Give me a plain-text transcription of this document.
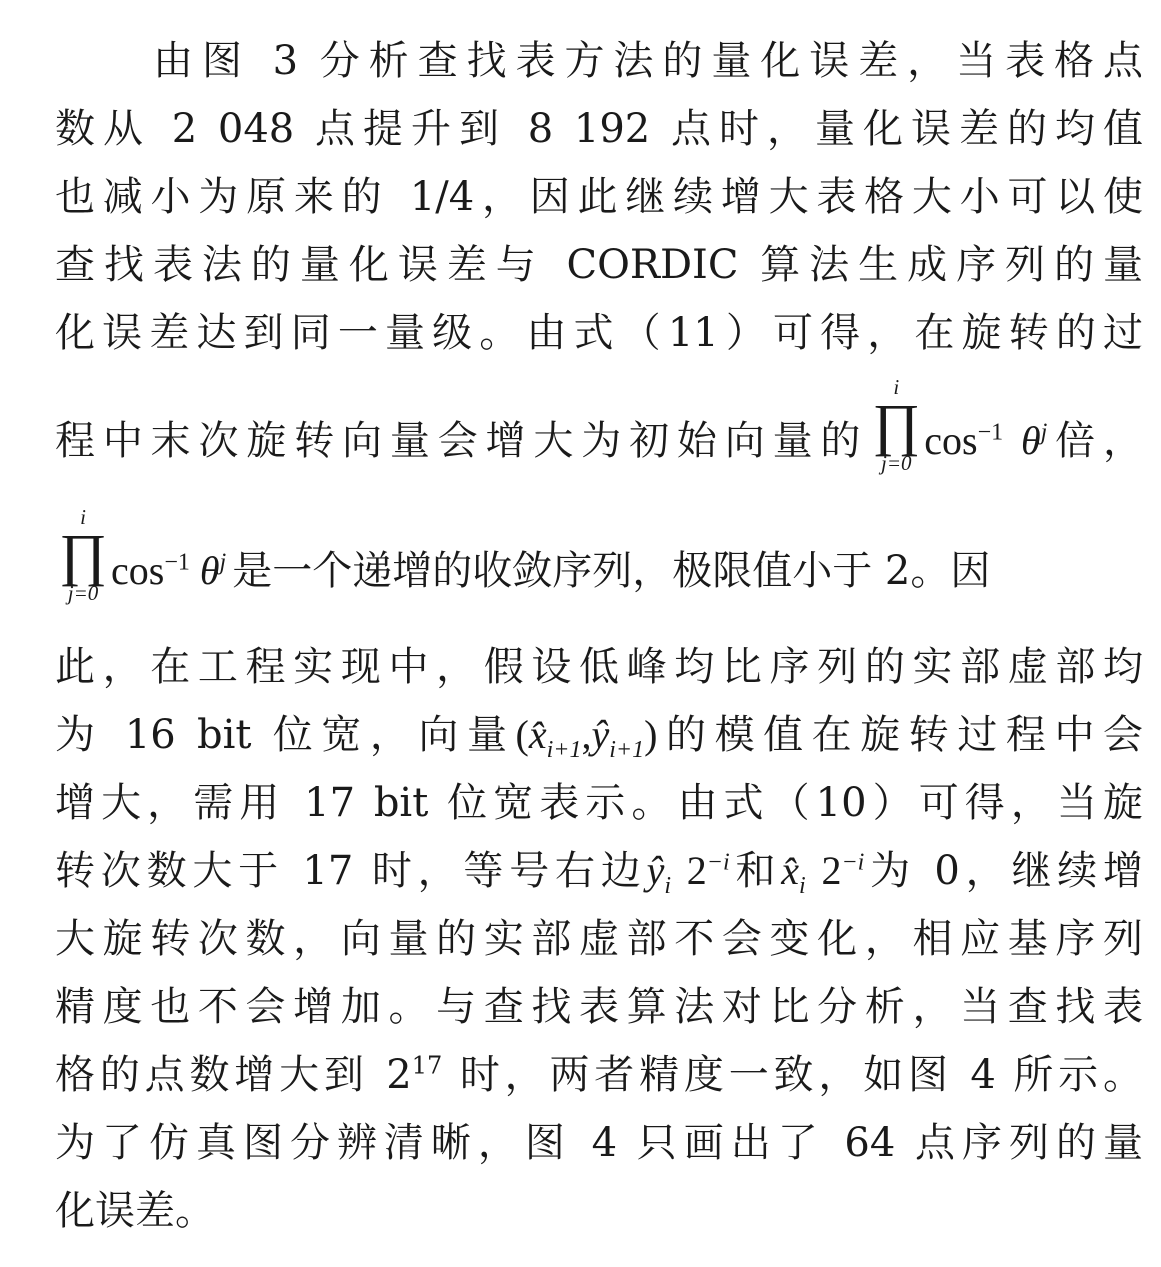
由图 3 分析查找表方法的量化误差，当表格点
数从 2 048 点提升到 8 192 点时，量化误差的均值
也减小为原来的 1/4，因此继续增大表格大小可以使
查找表法的量化误差与 CORDIC 算法生成序列的量
化误差达到同一量级。由式（11）可得，在旋转的过
程中末次旋转向量会增大为初始向量的
i
∏
j=0 $\cos^{-1} \theta^j$倍，
i
∏
j=0 $\cos^{-1} \theta^j$ 是一个递增的收敛序列，极限值小于 2。因
此，在工程实现中，假设低峰均比序列的实部虚部均
为 16 bit 位宽，向量$(x̂_{i+1},ŷ_{i+1})$的模值在旋转过程中会
增大，需用 17 bit 位宽表示。由式（10）可得，当旋
转次数大于 17 时，等号右边$ŷ_i$ $2^{-i}$和$x̂_i$ $2^{-i}$为 0，继续增
大旋转次数，向量的实部虚部不会变化，相应基序列
精度也不会增加。与查找表算法对比分析，当查找表
格的点数增大到 $2^{17}$ 时，两者精度一致，如图 4 所示。
为了仿真图分辨清晰，图 4 只画出了 64 点序列的量
化误差。
